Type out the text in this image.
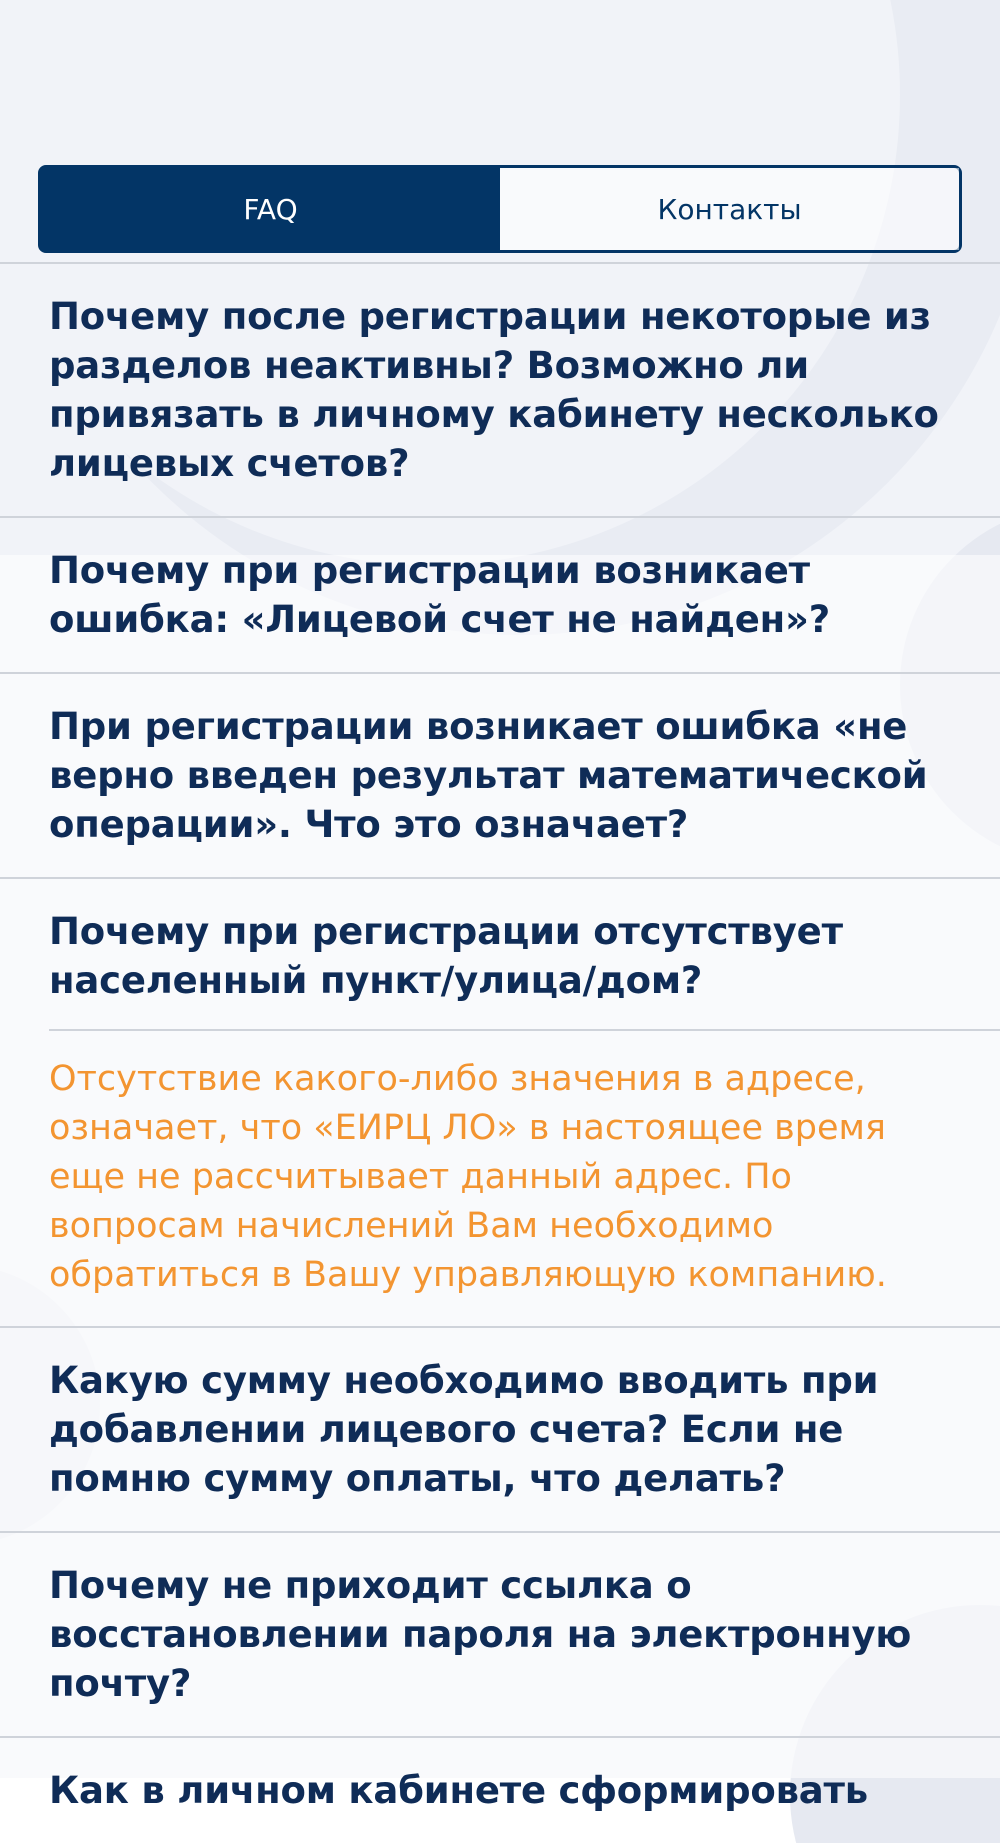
FAQ	Контакты
Почему после регистрации некоторые из разделов неактивны? Возможно ли привязать в личному кабинету несколько лицевых счетов?
Почему при регистрации возникает ошибка: «Лицевой счет не найден»?
При регистрации возникает ошибка «не верно введен результат математической операции». Что это означает?
Почему при регистрации отсутствует населенный пункт/улица/дом?
Отсутствие какого-либо значения в адресе, означает, что «ЕИРЦ ЛО» в настоящее время еще не рассчитывает данный адрес. По вопросам начислений Вам необходимо обратиться в Вашу управляющую компанию.
Какую сумму необходимо вводить при добавлении лицевого счета? Если не помню сумму оплаты, что делать?
Почему не приходит ссылка о восстановлении пароля на электронную почту?
Как в личном кабинете сформировать
